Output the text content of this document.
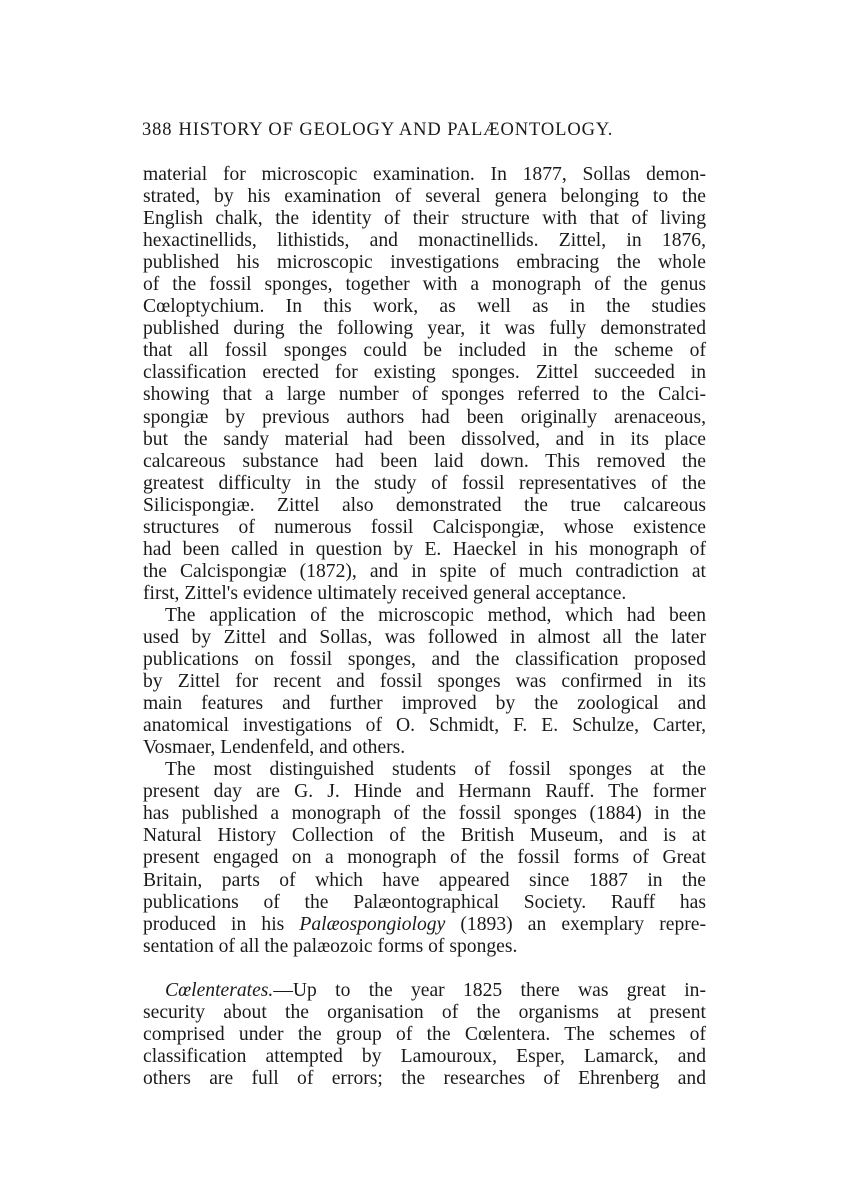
388 HISTORY OF GEOLOGY AND PALÆONTOLOGY.
material for microscopic examination. In 1877, Sollas demon-
strated, by his examination of several genera belonging to the
English chalk, the identity of their structure with that of living
hexactinellids, lithistids, and monactinellids. Zittel, in 1876,
published his microscopic investigations embracing the whole
of the fossil sponges, together with a monograph of the genus
Cœloptychium. In this work, as well as in the studies
published during the following year, it was fully demonstrated
that all fossil sponges could be included in the scheme of
classification erected for existing sponges. Zittel succeeded in
showing that a large number of sponges referred to the Calci-
spongiæ by previous authors had been originally arenaceous,
but the sandy material had been dissolved, and in its place
calcareous substance had been laid down. This removed the
greatest difficulty in the study of fossil representatives of the
Silicispongiæ. Zittel also demonstrated the true calcareous
structures of numerous fossil Calcispongiæ, whose existence
had been called in question by E. Haeckel in his monograph of
the Calcispongiæ (1872), and in spite of much contradiction at
first, Zittel's evidence ultimately received general acceptance.
The application of the microscopic method, which had been
used by Zittel and Sollas, was followed in almost all the later
publications on fossil sponges, and the classification proposed
by Zittel for recent and fossil sponges was confirmed in its
main features and further improved by the zoological and
anatomical investigations of O. Schmidt, F. E. Schulze, Carter,
Vosmaer, Lendenfeld, and others.
The most distinguished students of fossil sponges at the
present day are G. J. Hinde and Hermann Rauff. The former
has published a monograph of the fossil sponges (1884) in the
Natural History Collection of the British Museum, and is at
present engaged on a monograph of the fossil forms of Great
Britain, parts of which have appeared since 1887 in the
publications of the Palæontographical Society. Rauff has
produced in his Palæospongiology (1893) an exemplary repre-
sentation of all the palæozoic forms of sponges.
Cœlenterates.—Up to the year 1825 there was great in-
security about the organisation of the organisms at present
comprised under the group of the Cœlentera. The schemes of
classification attempted by Lamouroux, Esper, Lamarck, and
others are full of errors; the researches of Ehrenberg and
